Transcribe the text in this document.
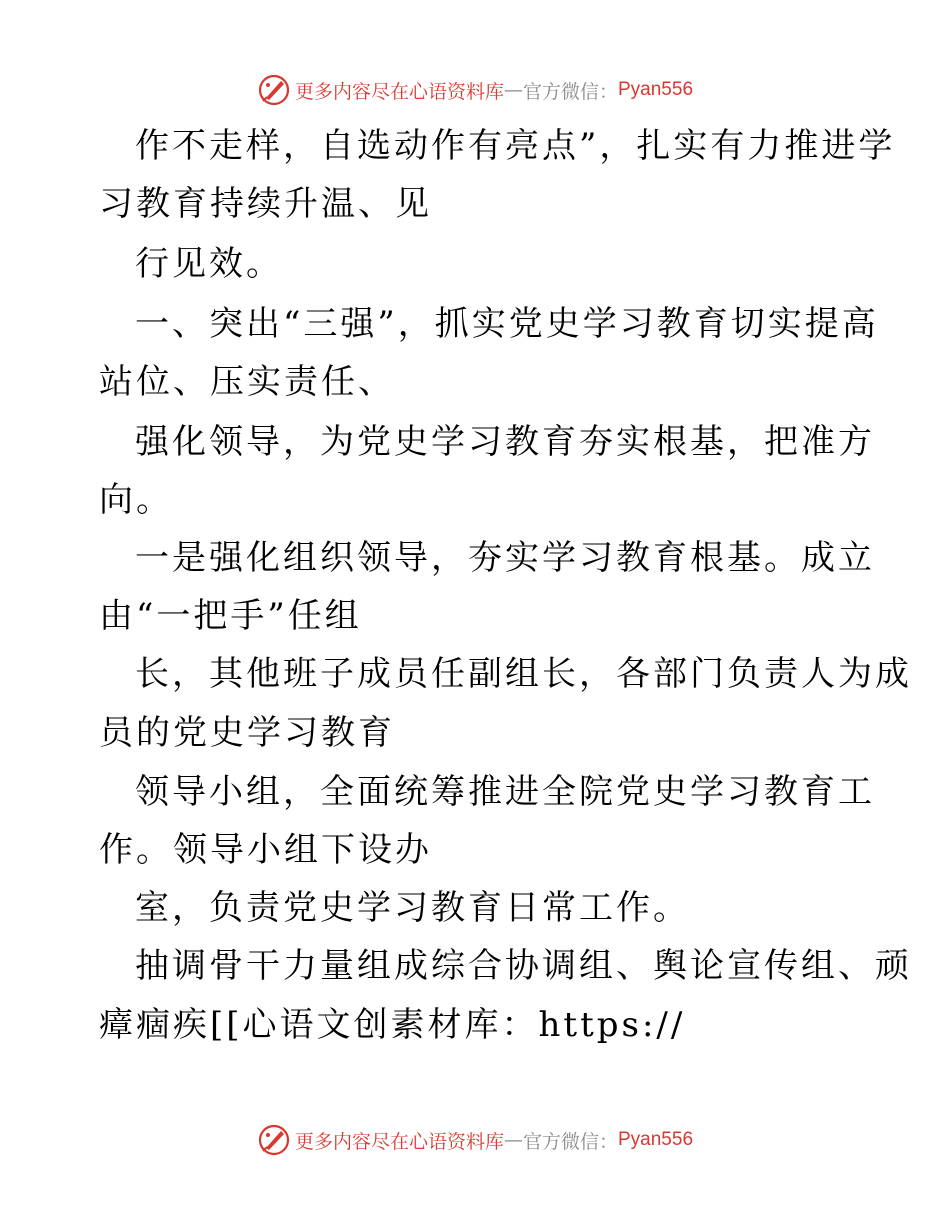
更多内容尽在心语资料库 — 官方微信： Pyan556
作不走样，自选动作有亮点”，扎实有力推进学
习教育持续升温、见
行见效。
一、突出“三强”，抓实党史学习教育切实提高
站位、压实责任、
强化领导，为党史学习教育夯实根基，把准方
向。
一是强化组织领导，夯实学习教育根基。成立
由“一把手”任组
长，其他班子成员任副组长，各部门负责人为成
员的党史学习教育
领导小组，全面统筹推进全院党史学习教育工
作。领导小组下设办
室，负责党史学习教育日常工作。
抽调骨干力量组成综合协调组、舆论宣传组、顽
瘴痼疾[[心语文创素材库：https://
更多内容尽在心语资料库 — 官方微信： Pyan556
